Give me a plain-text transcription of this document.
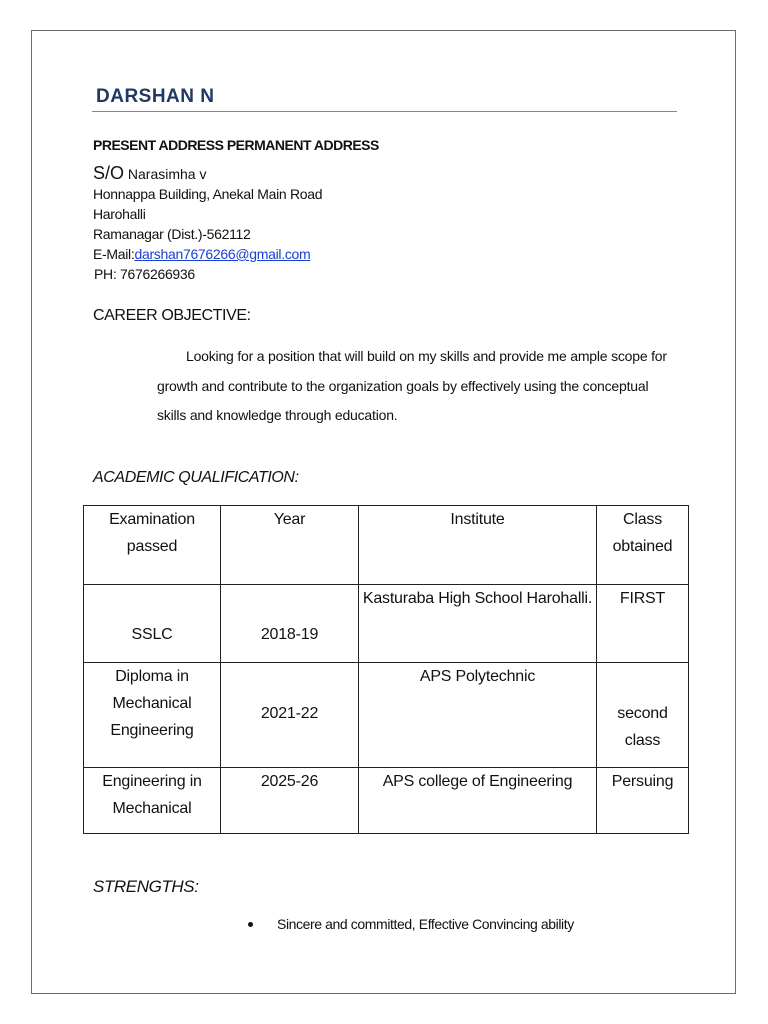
DARSHAN N
PRESENT ADDRESS PERMANENT ADDRESS
S/O Narasimha v
Honnappa Building, Anekal Main Road
Harohalli
Ramanagar (Dist.)-562112
E-Mail:darshan7676266@gmail.com
PH: 7676266936
CAREER OBJECTIVE:
Looking for a position that will build on my skills and provide me ample scope for growth and contribute to the organization goals by effectively using the conceptual skills and knowledge through education.
ACADEMIC QUALIFICATION:
Examination passed	Year	Institute	Class obtained
SSLC	2018-19	Kasturaba High School Harohalli.	FIRST
Diploma in Mechanical Engineering	2021-22	APS Polytechnic	second class
Engineering in Mechanical	2025-26	APS college of Engineering	Persuing
STRENGTHS:
Sincere and committed, Effective Convincing ability
